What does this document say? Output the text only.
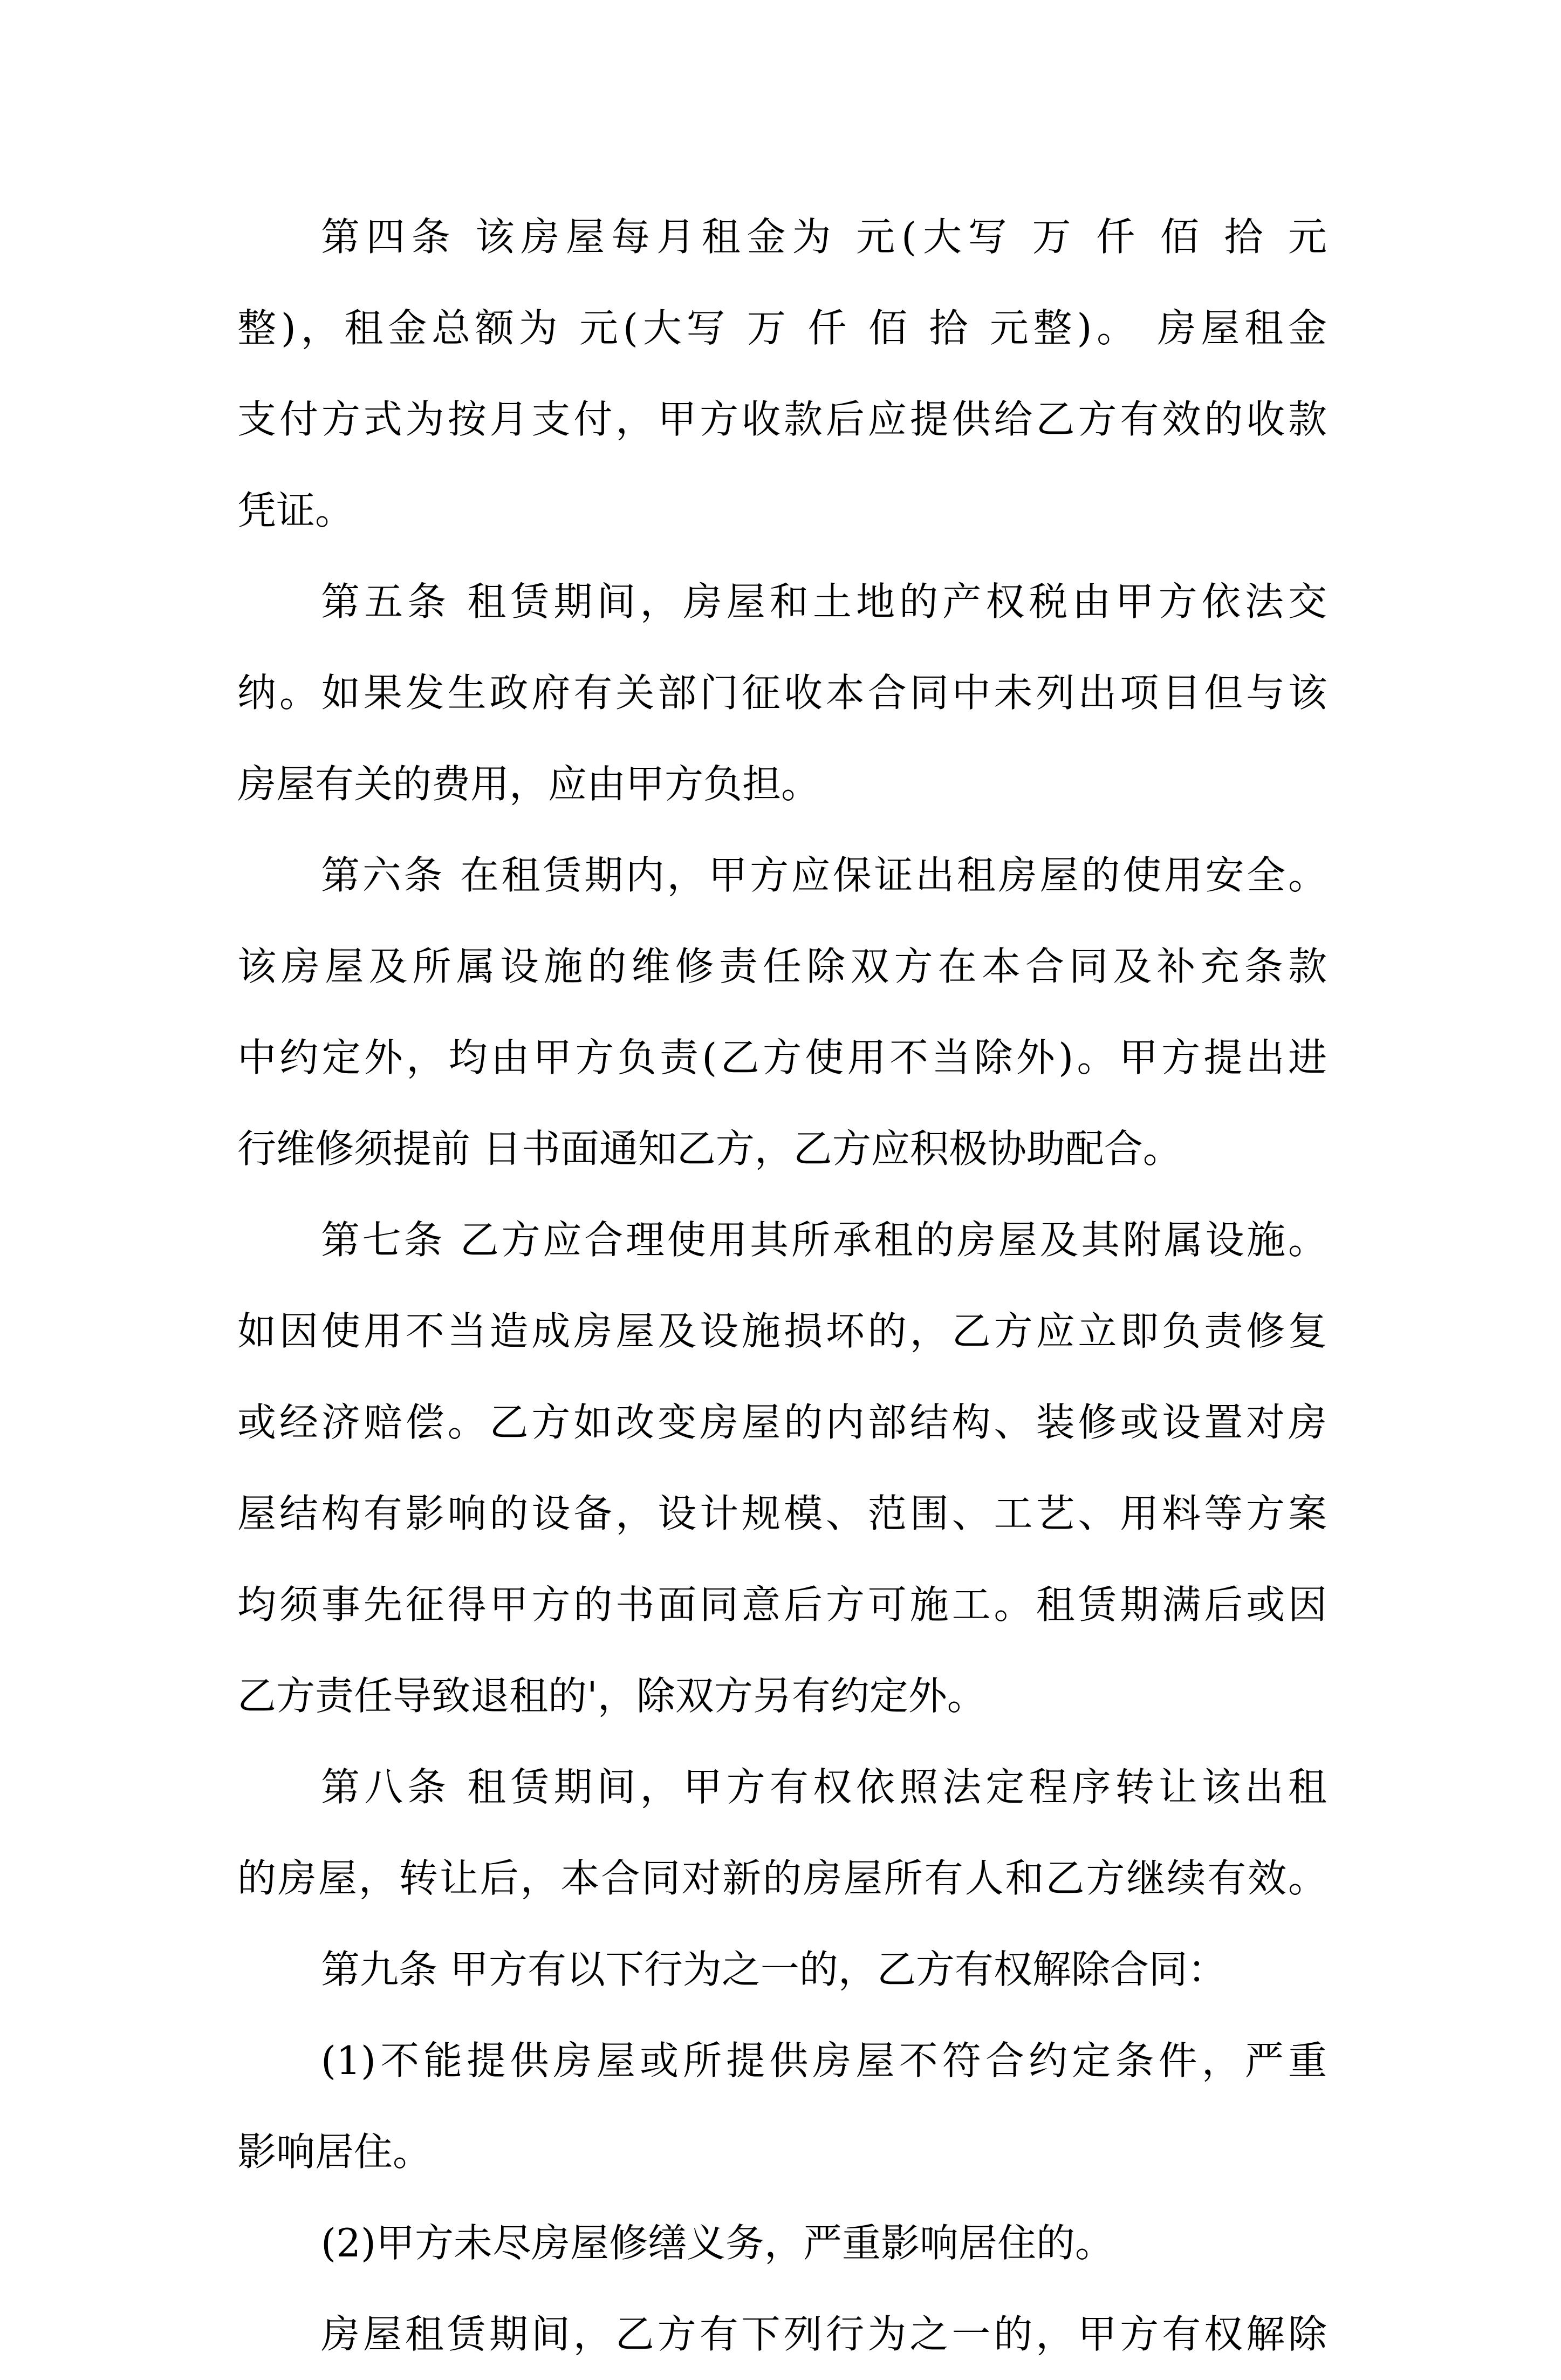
第四条 该房屋每月租金为 元(大写 万 仟 佰 拾 元
整)，租金总额为 元(大写 万 仟 佰 拾 元整)。 房屋租金
支付方式为按月支付，甲方收款后应提供给乙方有效的收款
凭证。
第五条 租赁期间，房屋和土地的产权税由甲方依法交
纳。如果发生政府有关部门征收本合同中未列出项目但与该
房屋有关的费用，应由甲方负担。
第六条 在租赁期内，甲方应保证出租房屋的使用安全。
该房屋及所属设施的维修责任除双方在本合同及补充条款
中约定外，均由甲方负责(乙方使用不当除外)。甲方提出进
行维修须提前 日书面通知乙方，乙方应积极协助配合。
第七条 乙方应合理使用其所承租的房屋及其附属设施。
如因使用不当造成房屋及设施损坏的，乙方应立即负责修复
或经济赔偿。乙方如改变房屋的内部结构、装修或设置对房
屋结构有影响的设备，设计规模、范围、工艺、用料等方案
均须事先征得甲方的书面同意后方可施工。租赁期满后或因
乙方责任导致退租的'，除双方另有约定外。
第八条 租赁期间，甲方有权依照法定程序转让该出租
的房屋，转让后，本合同对新的房屋所有人和乙方继续有效。
第九条 甲方有以下行为之一的，乙方有权解除合同：
(1)不能提供房屋或所提供房屋不符合约定条件，严重
影响居住。
(2)甲方未尽房屋修缮义务，严重影响居住的。
房屋租赁期间，乙方有下列行为之一的，甲方有权解除
